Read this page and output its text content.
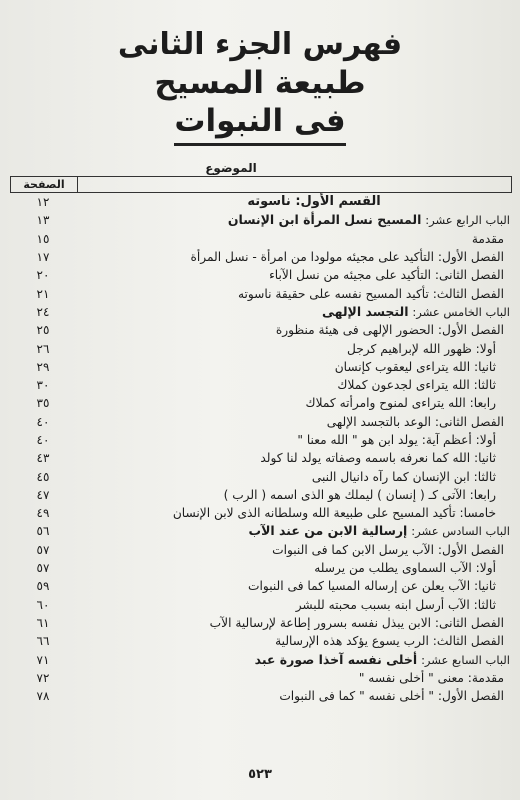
فهرس الجزء الثانى
طبيعة المسيح
فى النبوات
الموضوع
الصفحة
القسم الأول: ناسوته
١٢
الباب الرابع عشر: المسيح نسل المرأة ابن الإنسان
١٣
مقدمة
١٥
الفصل الأول: التأكيد على مجيئه مولودا من امرأة - نسل المرأة
١٧
الفصل الثانى: التأكيد على مجيئه من نسل الآباء
٢٠
الفصل الثالث: تأكيد المسيح نفسه على حقيقة ناسوته
٢١
الباب الخامس عشر: التجسد الإلهى
٢٤
الفصل الأول: الحضور الإلهى فى هيئة منظورة
٢٥
أولا: ظهور الله لإبراهيم كرجل
٢٦
ثانيا: الله يتراءى ليعقوب كإنسان
٢٩
ثالثا: الله يتراءى لجدعون كملاك
٣٠
رابعا: الله يتراءى لمنوح وامرأته كملاك
٣٥
الفصل الثانى: الوعد بالتجسد الإلهى
٤٠
أولا: أعظم آية: يولد ابن هو " الله معنا "
٤٠
ثانيا: الله كما نعرفه باسمه وصفاته يولد لنا كولد
٤٣
ثالثا: ابن الإنسان كما رآه دانيال النبى
٤٥
رابعا: الآتى كـ ( إنسان ) ليملك هو الذى اسمه ( الرب )
٤٧
خامسا: تأكيد المسيح على طبيعة الله وسلطانه الذى لابن الإنسان
٤٩
الباب السادس عشر: إرسالية الابن من عند الآب
٥٦
الفصل الأول: الآب يرسل الابن كما فى النبوات
٥٧
أولا: الآب السماوى يطلب من يرسله
٥٧
ثانيا: الآب يعلن عن إرساله المسيا كما فى النبوات
٥٩
ثالثا: الآب أرسل ابنه بسبب محبته للبشر
٦٠
الفصل الثانى: الابن يبذل نفسه بسرور إطاعة لإرسالية الآب
٦١
الفصل الثالث: الرب يسوع يؤكد هذه الإرسالية
٦٦
الباب السابع عشر: أخلى نفسه آخذا صورة عبد
٧١
مقدمة: معنى " أخلى نفسه "
٧٢
الفصل الأول: " أخلى نفسه " كما فى النبوات
٧٨
٥٢٣
